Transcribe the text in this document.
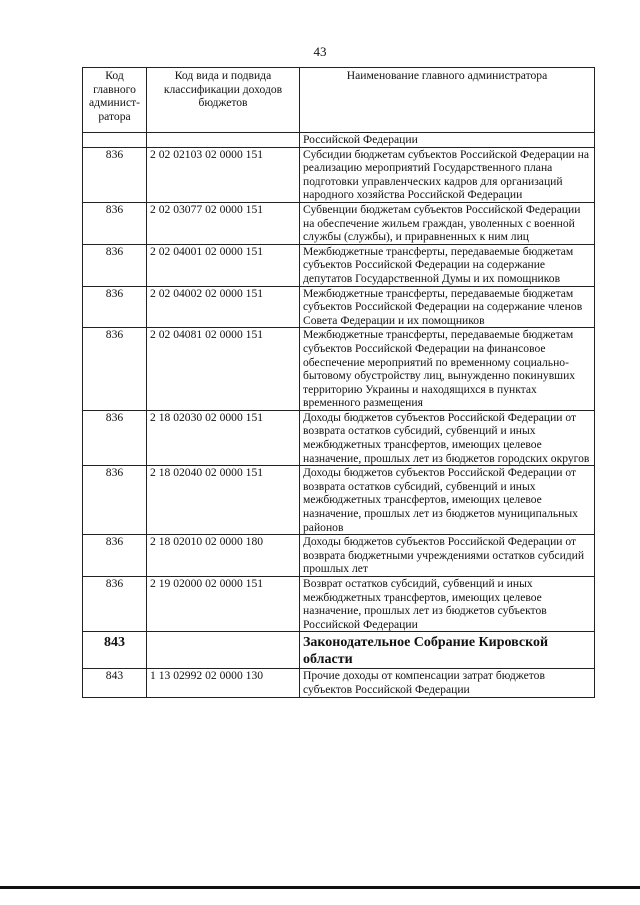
43
Код главного админист-ратора	Код вида и подвида классификации доходов бюджетов	Наименование главного администратора
		Российской Федерации
836	2 02 02103 02 0000 151	Субсидии бюджетам субъектов Российской Федерации на реализацию мероприятий Государственного плана подготовки управленческих кадров для организаций народного хозяйства Российской Федерации
836	2 02 03077 02 0000 151	Субвенции бюджетам субъектов Российской Федерации на обеспечение жильем граждан, уволенных с военной службы (службы), и приравненных к ним лиц
836	2 02 04001 02 0000 151	Межбюджетные трансферты, передаваемые бюджетам субъектов Российской Федерации на содержание депутатов Государственной Думы и их помощников
836	2 02 04002 02 0000 151	Межбюджетные трансферты, передаваемые бюджетам субъектов Российской Федерации на содержание членов Совета Федерации и их помощников
836	2 02 04081 02 0000 151	Межбюджетные трансферты, передаваемые бюджетам субъектов Российской Федерации на финансовое обеспечение мероприятий по временному социально-бытовому обустройству лиц, вынужденно покинувших территорию Украины и находящихся в пунктах временного размещения
836	2 18 02030 02 0000 151	Доходы бюджетов субъектов Российской Федерации от возврата остатков субсидий, субвенций и иных межбюджетных трансфертов, имеющих целевое назначение, прошлых лет из бюджетов городских округов
836	2 18 02040 02 0000 151	Доходы бюджетов субъектов Российской Федерации от возврата остатков субсидий, субвенций и иных межбюджетных трансфертов, имеющих целевое назначение, прошлых лет из бюджетов муниципальных районов
836	2 18 02010 02 0000 180	Доходы бюджетов субъектов Российской Федерации от возврата бюджетными учреждениями остатков субсидий прошлых лет
836	2 19 02000 02 0000 151	Возврат остатков субсидий, субвенций и иных межбюджетных трансфертов, имеющих целевое назначение, прошлых лет из бюджетов субъектов Российской Федерации
843		Законодательное Собрание Кировской области
843	1 13 02992 02 0000 130	Прочие доходы от компенсации затрат бюджетов субъектов Российской Федерации
